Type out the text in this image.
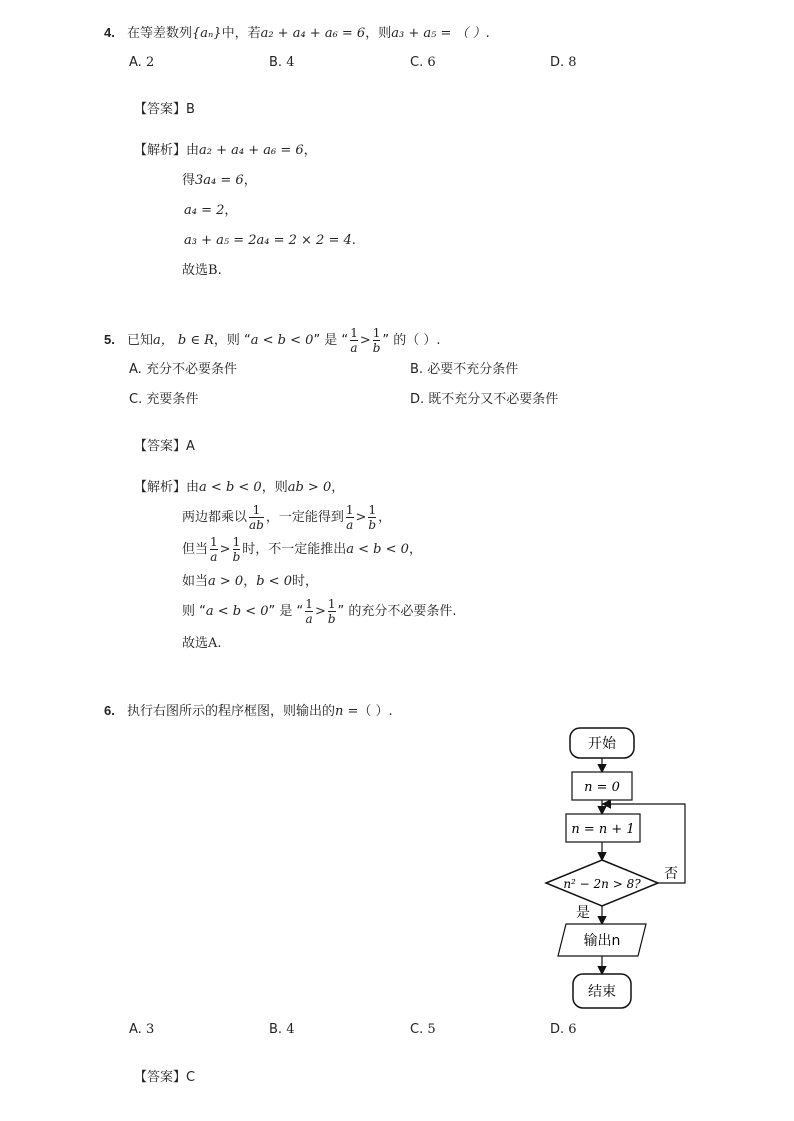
4. 在等差数列{aₙ}中，若a₂ + a₄ + a₆ = 6，则a₃ + a₅ = （ ）.
A. 2	B. 4	C. 6	D. 8
【答案】B
【解析】由a₂ + a₄ + a₆ = 6，
得3a₄ = 6，
a₄ = 2，
a₃ + a₅ = 2a₄ = 2 × 2 = 4.
故选B.
5. 已知a， b ∈ R，则 “a < b < 0” 是 “ $\frac{1}{a} > \frac{1}{b}$ ” 的（ ）.
A. 充分不必要条件	B. 必要不充分条件
C. 充要条件	D. 既不充分又不必要条件
【答案】A
【解析】由a < b < 0，则ab > 0，
两边都乘以 $\frac{1}{ab}$ ，一定能得到 $\frac{1}{a} > \frac{1}{b}$ ，
但当 $\frac{1}{a} > \frac{1}{b}$ 时，不一定能推出a < b < 0，
如当a > 0，b < 0时，
则 “a < b < 0” 是 “ $\frac{1}{a} > \frac{1}{b}$ ” 的充分不必要条件.
故选A.
6. 执行右图所示的程序框图，则输出的n =（ ）.
开始
n = 0
n = n + 1
n² − 2n > 8?
否
是
输出n
结束
A. 3	B. 4	C. 5	D. 6
【答案】C
